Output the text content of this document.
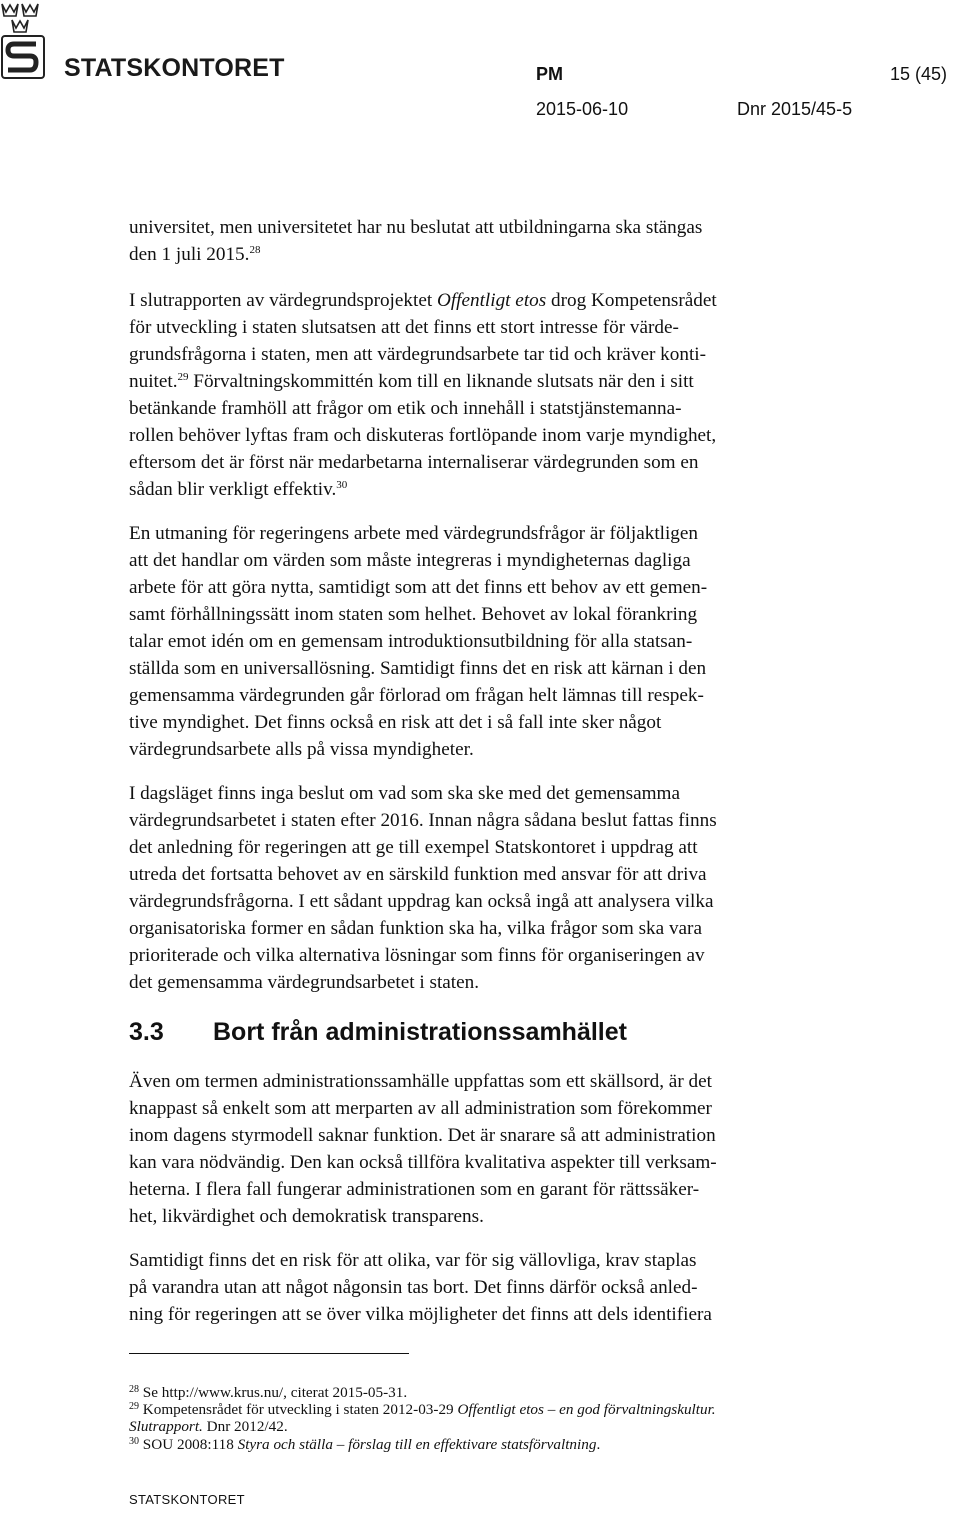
STATSKONTORET	PM	15 (45)
2015-06-10	Dnr 2015/45-5
universitet, men universitetet har nu beslutat att utbildningarna ska stängas
den 1 juli 2015.28
I slutrapporten av värdegrundsprojektet Offentligt etos drog Kompetensrådet
för utveckling i staten slutsatsen att det finns ett stort intresse för värde-
grundsfrågorna i staten, men att värdegrundsarbete tar tid och kräver konti-
nuitet.$^{29}$ Förvaltningskommittén kom till en liknande slutsats när den i sitt
betänkande framhöll att frågor om etik och innehåll i statstjänstemanna-
rollen behöver lyftas fram och diskuteras fortlöpande inom varje myndighet,
eftersom det är först när medarbetarna internaliserar värdegrunden som en
sådan blir verkligt effektiv.$^{30}$
En utmaning för regeringens arbete med värdegrundsfrågor är följaktligen
att det handlar om värden som måste integreras i myndigheternas dagliga
arbete för att göra nytta, samtidigt som att det finns ett behov av ett gemen-
samt förhållningssätt inom staten som helhet. Behovet av lokal förankring
talar emot idén om en gemensam introduktionsutbildning för alla statsan-
ställda som en universallösning. Samtidigt finns det en risk att kärnan i den
gemensamma värdegrunden går förlorad om frågan helt lämnas till respek-
tive myndighet. Det finns också en risk att det i så fall inte sker något
värdegrundsarbete alls på vissa myndigheter.
I dagsläget finns inga beslut om vad som ska ske med det gemensamma
värdegrundsarbetet i staten efter 2016. Innan några sådana beslut fattas finns
det anledning för regeringen att ge till exempel Statskontoret i uppdrag att
utreda det fortsatta behovet av en särskild funktion med ansvar för att driva
värdegrundsfrågorna. I ett sådant uppdrag kan också ingå att analysera vilka
organisatoriska former en sådan funktion ska ha, vilka frågor som ska vara
prioriterade och vilka alternativa lösningar som finns för organiseringen av
det gemensamma värdegrundsarbetet i staten.
3.3 Bort från administrationssamhället
Även om termen administrationssamhälle uppfattas som ett skällsord, är det
knappast så enkelt som att merparten av all administration som förekommer
inom dagens styrmodell saknar funktion. Det är snarare så att administration
kan vara nödvändig. Den kan också tillföra kvalitativa aspekter till verksam-
heterna. I flera fall fungerar administrationen som en garant för rättssäker-
het, likvärdighet och demokratisk transparens.
Samtidigt finns det en risk för att olika, var för sig vällovliga, krav staplas
på varandra utan att något någonsin tas bort. Det finns därför också anled-
ning för regeringen att se över vilka möjligheter det finns att dels identifiera
$^{28}$ Se http://www.krus.nu/, citerat 2015-05-31.
$^{29}$ Kompetensrådet för utveckling i staten 2012-03-29 Offentligt etos – en god förvaltningskultur.
Slutrapport. Dnr 2012/42.
$^{30}$ SOU 2008:118 Styra och ställa – förslag till en effektivare statsförvaltning.
STATSKONTORET
